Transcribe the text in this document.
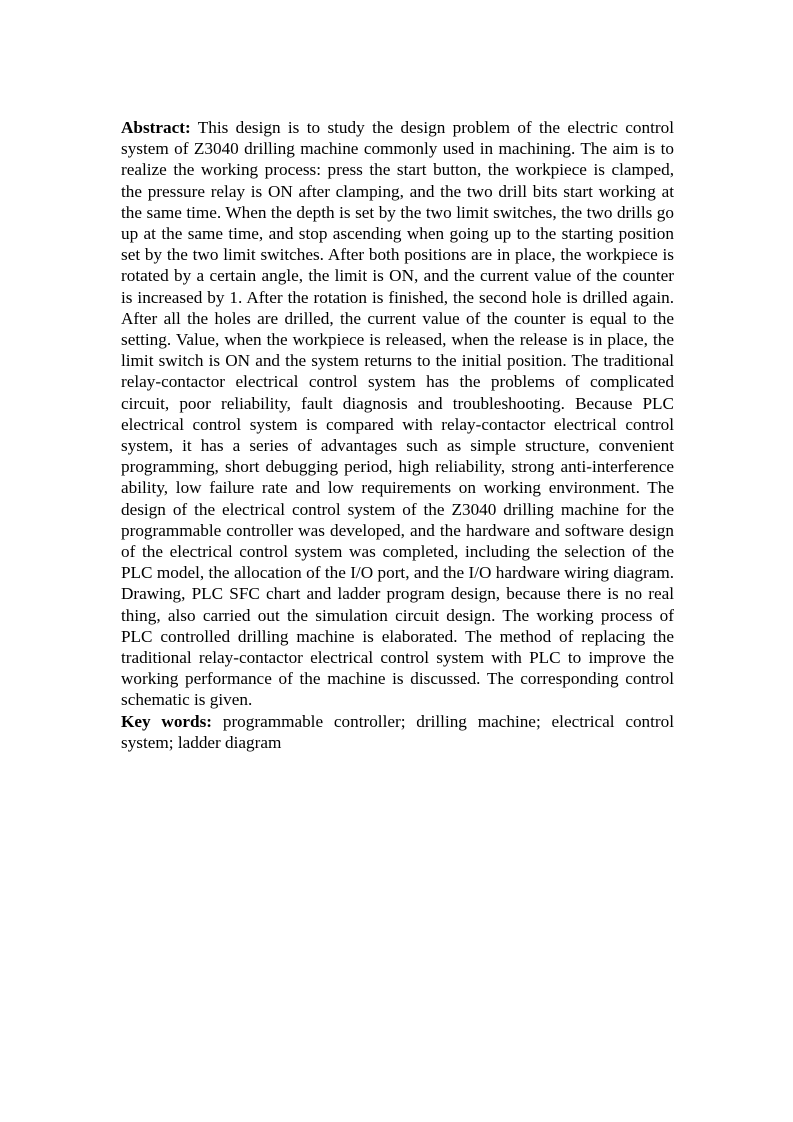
Abstract: This design is to study the design problem of the electric control system of Z3040 drilling machine commonly used in machining. The aim is to realize the working process: press the start button, the workpiece is clamped, the pressure relay is ON after clamping, and the two drill bits start working at the same time. When the depth is set by the two limit switches, the two drills go up at the same time, and stop ascending when going up to the starting position set by the two limit switches. After both positions are in place, the workpiece is rotated by a certain angle, the limit is ON, and the current value of the counter is increased by 1. After the rotation is finished, the second hole is drilled again. After all the holes are drilled, the current value of the counter is equal to the setting. Value, when the workpiece is released, when the release is in place, the limit switch is ON and the system returns to the initial position. The traditional relay-contactor electrical control system has the problems of complicated circuit, poor reliability, fault diagnosis and troubleshooting. Because PLC electrical control system is compared with relay-contactor electrical control system, it has a series of advantages such as simple structure, convenient programming, short debugging period, high reliability, strong anti-interference ability, low failure rate and low requirements on working environment. The design of the electrical control system of the Z3040 drilling machine for the programmable controller was developed, and the hardware and software design of the electrical control system was completed, including the selection of the PLC model, the allocation of the I/O port, and the I/O hardware wiring diagram. Drawing, PLC SFC chart and ladder program design, because there is no real thing, also carried out the simulation circuit design. The working process of PLC controlled drilling machine is elaborated. The method of replacing the traditional relay-contactor electrical control system with PLC to improve the working performance of the machine is discussed. The corresponding control schematic is given.

Key words: programmable controller; drilling machine; electrical control system; ladder diagram
